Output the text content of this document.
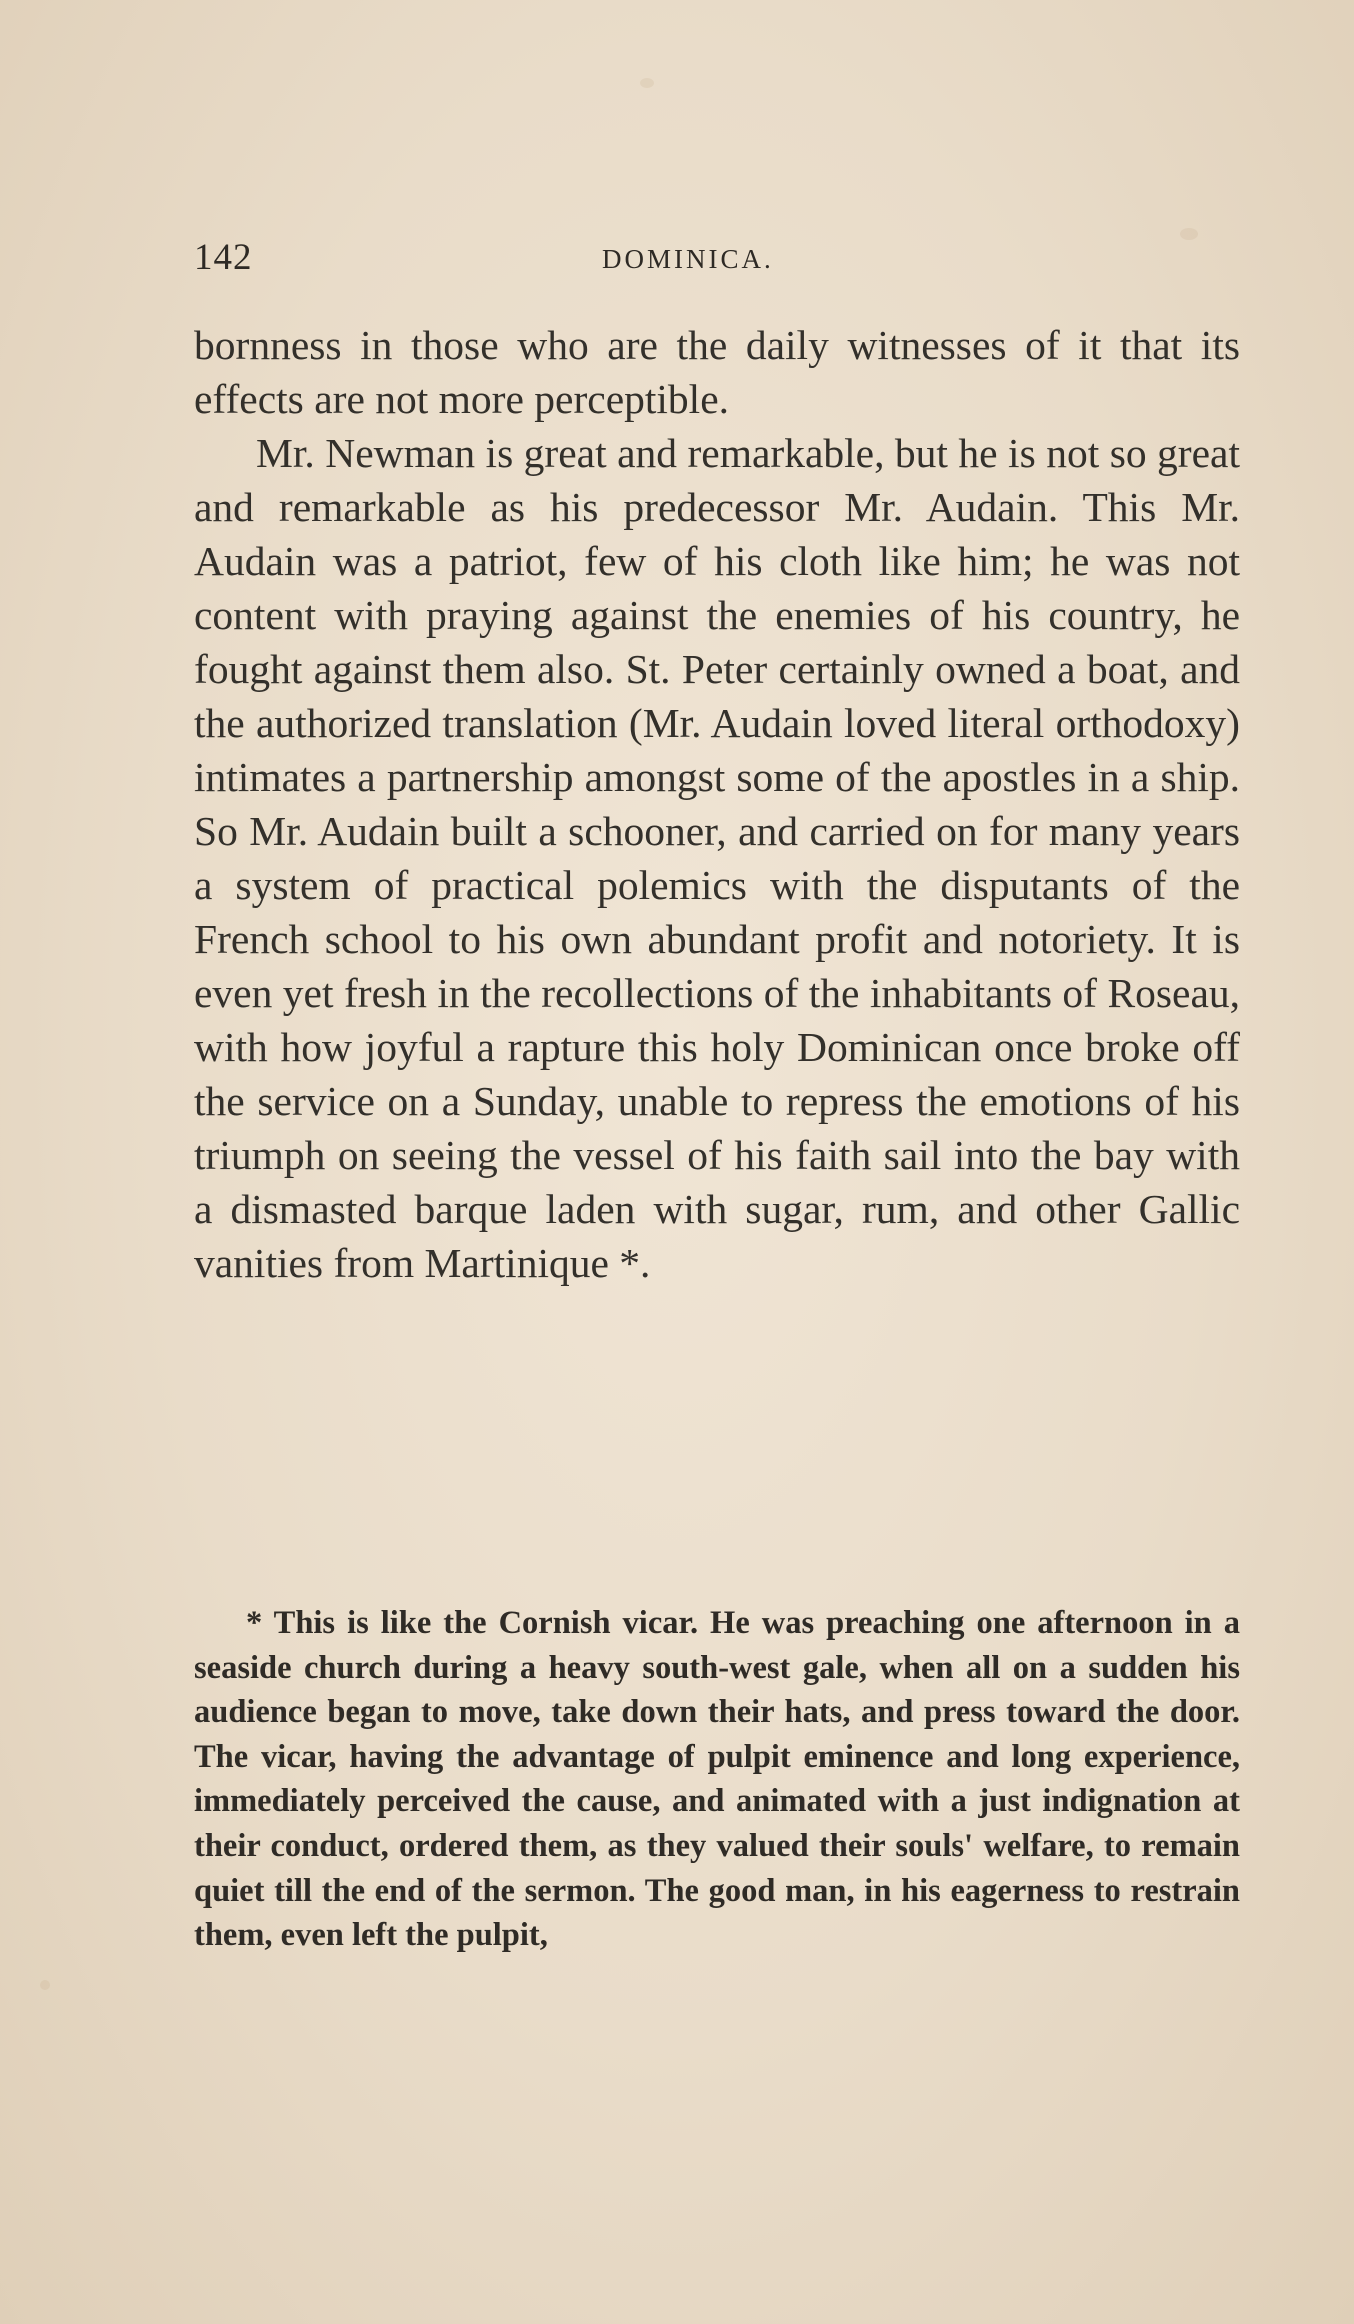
142	DOMINICA.

bornness in those who are the daily witnesses of it that its effects are not more perceptible.

Mr. Newman is great and remarkable, but he is not so great and remarkable as his predecessor Mr. Audain. This Mr. Audain was a patriot, few of his cloth like him; he was not content with praying against the enemies of his country, he fought against them also. St. Peter certainly owned a boat, and the authorized translation (Mr. Audain loved literal orthodoxy) intimates a partnership amongst some of the apostles in a ship. So Mr. Audain built a schooner, and carried on for many years a system of practical polemics with the disputants of the French school to his own abundant profit and notoriety. It is even yet fresh in the recollections of the inhabitants of Roseau, with how joyful a rapture this holy Dominican once broke off the service on a Sunday, unable to repress the emotions of his triumph on seeing the vessel of his faith sail into the bay with a dismasted barque laden with sugar, rum, and other Gallic vanities from Martinique *.

* This is like the Cornish vicar. He was preaching one afternoon in a seaside church during a heavy south-west gale, when all on a sudden his audience began to move, take down their hats, and press toward the door. The vicar, having the advantage of pulpit eminence and long experience, immediately perceived the cause, and animated with a just indignation at their conduct, ordered them, as they valued their souls' welfare, to remain quiet till the end of the sermon. The good man, in his eagerness to restrain them, even left the pulpit,
